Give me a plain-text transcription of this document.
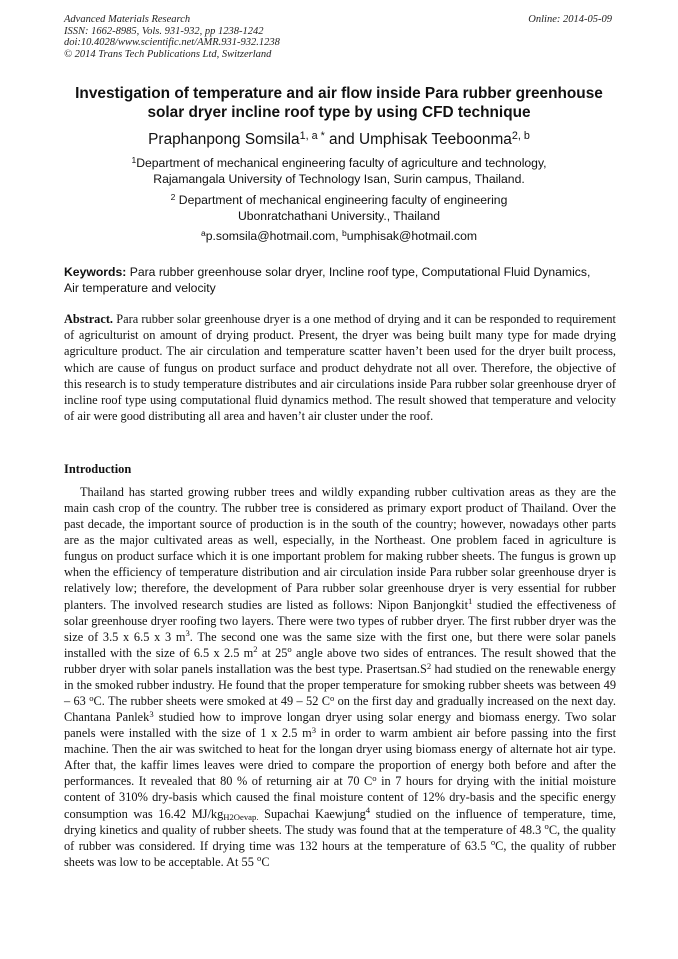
Advanced Materials Research
ISSN: 1662-8985, Vols. 931-932, pp 1238-1242
doi:10.4028/www.scientific.net/AMR.931-932.1238
© 2014 Trans Tech Publications Ltd, Switzerland
Online: 2014-05-09
Investigation of temperature and air flow inside Para rubber greenhouse
solar dryer incline roof type by using CFD technique
Praphanpong Somsila$^{1, a *}$ and Umphisak Teeboonma$^{2, b}$
$^1$Department of mechanical engineering faculty of agriculture and technology,
Rajamangala University of Technology Isan, Surin campus, Thailand.
$^2$ Department of mechanical engineering faculty of engineering
Ubonratchathani University., Thailand
$^a$p.somsila@hotmail.com, $^b$umphisak@hotmail.com
Keywords: Para rubber greenhouse solar dryer, Incline roof type, Computational Fluid Dynamics,
Air temperature and velocity
Abstract. Para rubber solar greenhouse dryer is a one method of drying and it can be responded to requirement of agriculturist on amount of drying product. Present, the dryer was being built many type for made drying agriculture product. The air circulation and temperature scatter haven’t been used for the dryer built process, which are cause of fungus on product surface and product dehydrate not all over. Therefore, the objective of this research is to study temperature distributes and air circulations inside Para rubber solar greenhouse dryer of incline roof type using computational fluid dynamics method. The result showed that temperature and velocity of air were good distributing all area and haven’t air cluster under the roof.
Introduction
Thailand has started growing rubber trees and wildly expanding rubber cultivation areas as they are the main cash crop of the country. The rubber tree is considered as primary export product of Thailand. Over the past decade, the important source of production is in the south of the country; however, nowadays other parts are as the major cultivated areas as well, especially, in the Northeast. One problem faced in agriculture is fungus on product surface which it is one important problem for making rubber sheets. The fungus is grown up when the efficiency of temperature distribution and air circulation inside Para rubber solar greenhouse dryer is relatively low; therefore, the development of Para rubber solar greenhouse dryer is very essential for rubber planters. The involved research studies are listed as follows: Nipon Banjongkit$^1$ studied the effectiveness of solar greenhouse dryer roofing two layers. There were two types of rubber dryer. The first rubber dryer was the size of 3.5 x 6.5 x 3 $m^3$. The second one was the same size with the first one, but there were solar panels installed with the size of 6.5 x 2.5 $m^2$ at 25$^o$ angle above two sides of entrances. The result showed that the rubber dryer with solar panels installation was the best type. $Prasertsan.S^2$ had studied on the renewable energy in the smoked rubber industry. He found that the proper temperature for smoking rubber sheets was between 49 – 63 $^o$C. The rubber sheets were smoked at 49 – 52 $C^o$ on the first day and gradually increased on the next day. Chantana Panlek$^3$ studied how to improve longan dryer using solar energy and biomass energy. Two solar panels were installed with the size of 1 x 2.5 $m^3$ in order to warm ambient air before passing into the first machine. Then the air was switched to heat for the longan dryer using biomass energy of alternate hot air type. After that, the kaffir limes leaves were dried to compare the proportion of energy both before and after the performances. It revealed that 80 % of returning air at 70 $C^o$ in 7 hours for drying with the initial moisture content of 310% dry-basis which caused the final moisture content of 12% dry-basis and the specific energy consumption was 16.42 $MJ/kg_{H2Oevap.}$ Supachai Kaewjung$^4$ studied on the influence of temperature, time, drying kinetics and quality of rubber sheets. The study was found that at the temperature of 48.3 $^o$C, the quality of rubber was considered. If drying time was 132 hours at the temperature of 63.5 $^o$C, the quality of rubber sheets was low to be acceptable. At 55 $^o$C
